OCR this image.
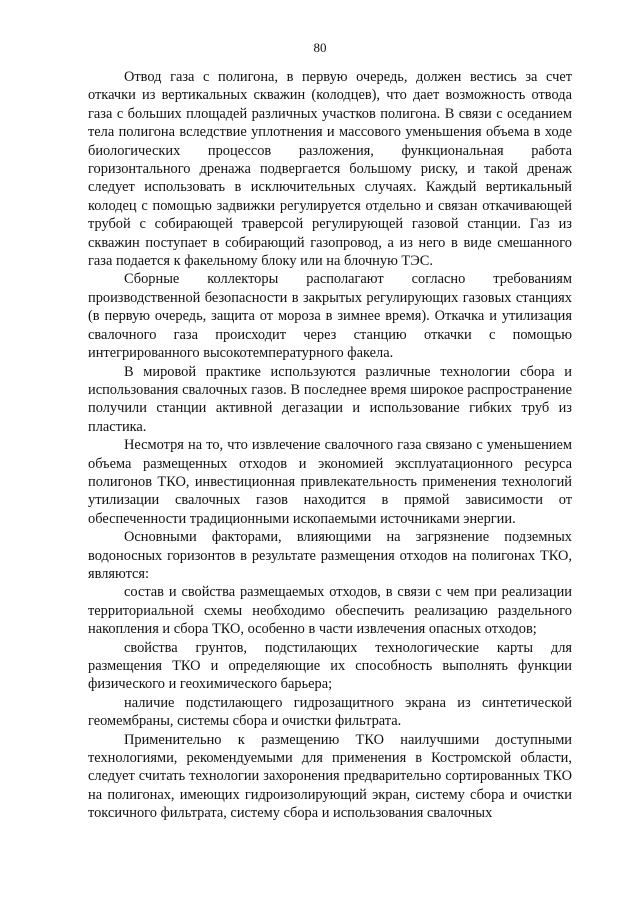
80

Отвод газа с полигона, в первую очередь, должен вестись за счет откачки из вертикальных скважин (колодцев), что дает возможность отвода газа с больших площадей различных участков полигона. В связи с оседанием тела полигона вследствие уплотнения и массового уменьшения объема в ходе биологических процессов разложения, функциональная работа горизонтального дренажа подвергается большому риску, и такой дренаж следует использовать в исключительных случаях. Каждый вертикальный колодец с помощью задвижки регулируется отдельно и связан откачивающей трубой с собирающей траверсой регулирующей газовой станции. Газ из скважин поступает в собирающий газопровод, а из него в виде смешанного газа подается к факельному блоку или на блочную ТЭС.

Сборные коллекторы располагают согласно требованиям производственной безопасности в закрытых регулирующих газовых станциях (в первую очередь, защита от мороза в зимнее время). Откачка и утилизация свалочного газа происходит через станцию откачки с помощью интегрированного высокотемпературного факела.

В мировой практике используются различные технологии сбора и использования свалочных газов. В последнее время широкое распространение получили станции активной дегазации и использование гибких труб из пластика.

Несмотря на то, что извлечение свалочного газа связано с уменьшением объема размещенных отходов и экономией эксплуатационного ресурса полигонов ТКО, инвестиционная привлекательность применения технологий утилизации свалочных газов находится в прямой зависимости от обеспеченности традиционными ископаемыми источниками энергии.

Основными факторами, влияющими на загрязнение подземных водоносных горизонтов в результате размещения отходов на полигонах ТКО, являются:

состав и свойства размещаемых отходов, в связи с чем при реализации территориальной схемы необходимо обеспечить реализацию раздельного накопления и сбора ТКО, особенно в части извлечения опасных отходов;

свойства грунтов, подстилающих технологические карты для размещения ТКО и определяющие их способность выполнять функции физического и геохимического барьера;

наличие подстилающего гидрозащитного экрана из синтетической геомембраны, системы сбора и очистки фильтрата.

Применительно к размещению ТКО наилучшими доступными технологиями, рекомендуемыми для применения в Костромской области, следует считать технологии захоронения предварительно сортированных ТКО на полигонах, имеющих гидроизолирующий экран, систему сбора и очистки токсичного фильтрата, систему сбора и использования свалочных
